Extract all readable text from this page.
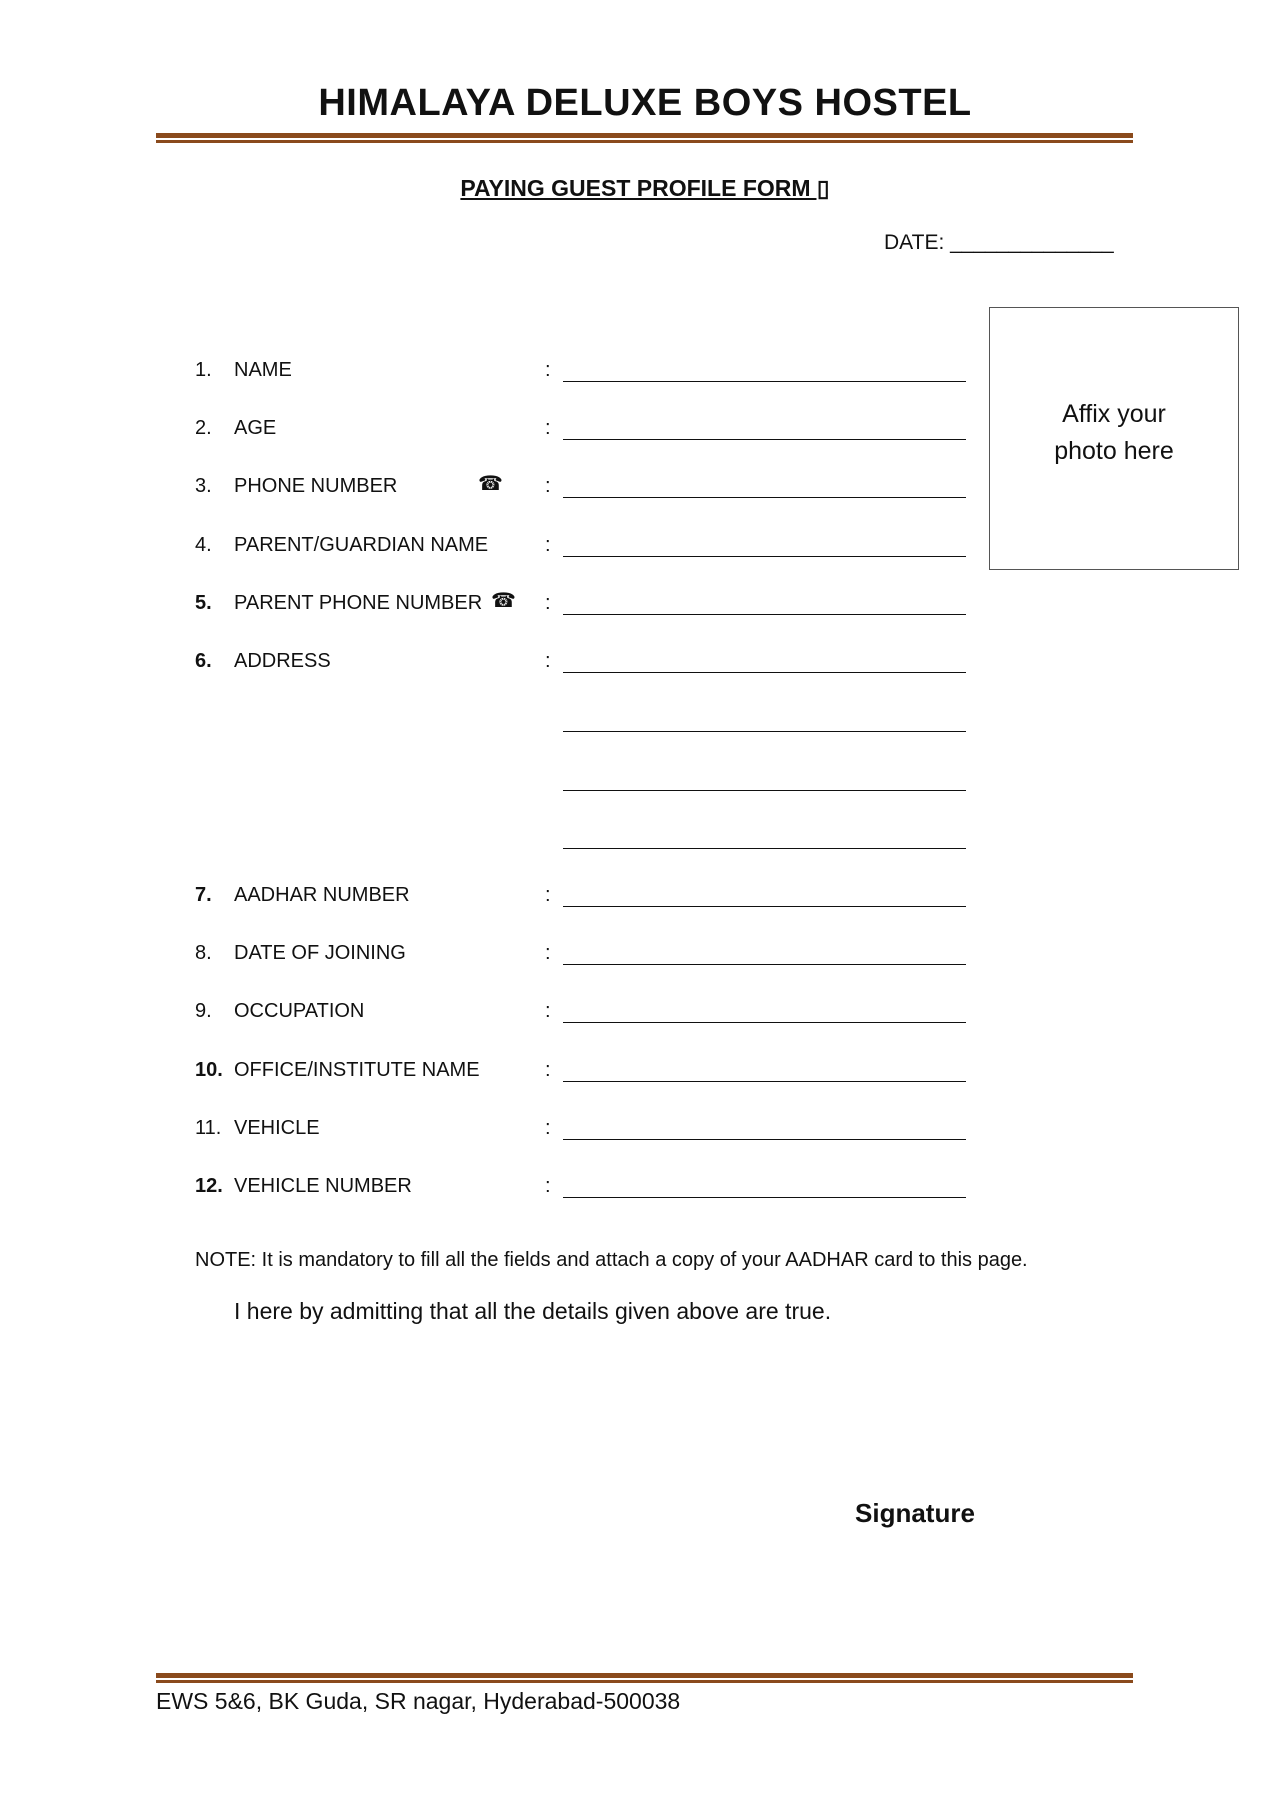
HIMALAYA DELUXE BOYS HOSTEL
PAYING GUEST PROFILE FORM ▯
DATE: ______________
Affix your
photo here
1. NAME	:
2. AGE	:
3. PHONE NUMBER	☎ :
4. PARENT/GUARDIAN NAME	:
5. PARENT PHONE NUMBER ☎ :
6. ADDRESS	:
7. AADHAR NUMBER	:
8. DATE OF JOINING	:
9. OCCUPATION	:
10. OFFICE/INSTITUTE NAME	:
11. VEHICLE	:
12. VEHICLE NUMBER	:
NOTE: It is mandatory to fill all the fields and attach a copy of your AADHAR card to this page.
I here by admitting that all the details given above are true.
Signature
EWS 5&6, BK Guda, SR nagar, Hyderabad-500038
